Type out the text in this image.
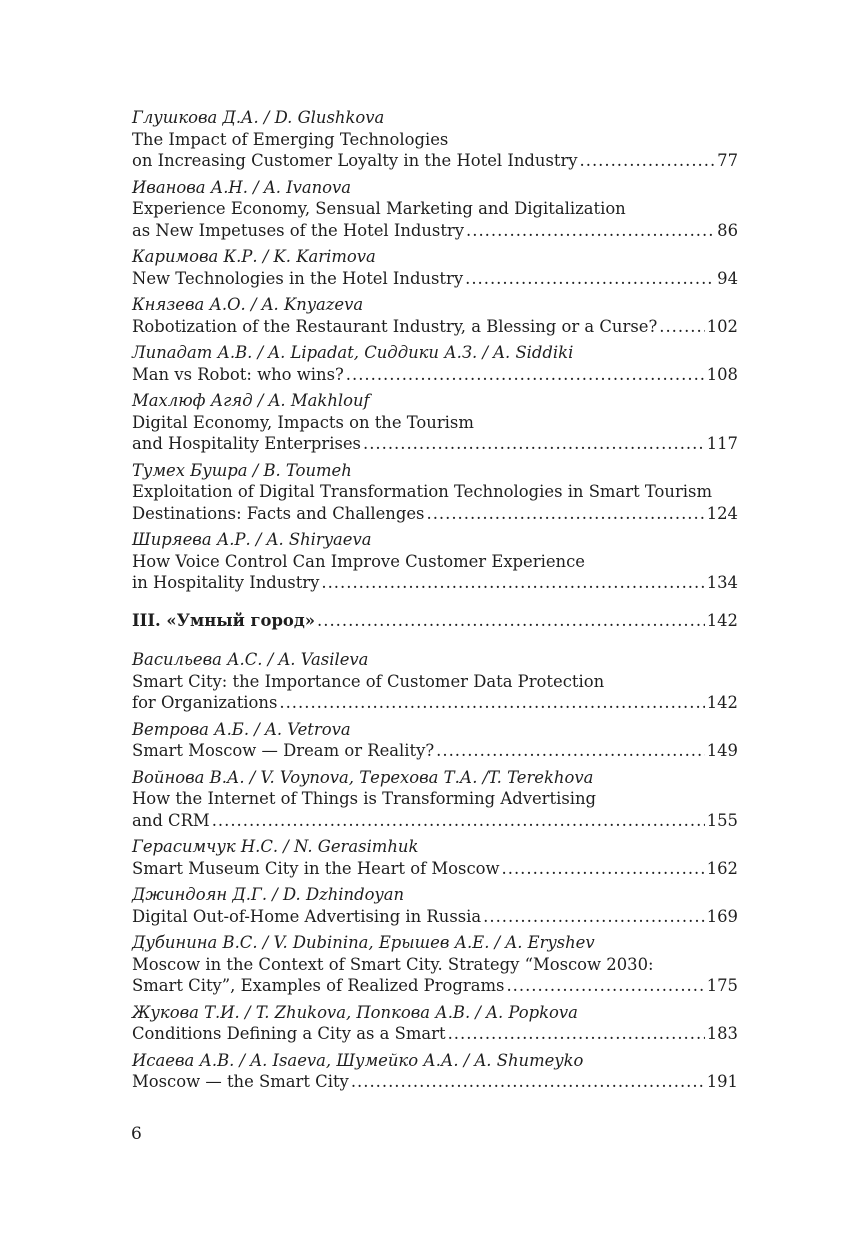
Глушкова Д.А. / D. Glushkova
The Impact of Emerging Technologies
on Increasing Customer Loyalty in the Hotel Industry .....	77
Иванова А.Н. / A. Ivanova
Experience Economy, Sensual Marketing and Digitalization
as New Impetuses of the Hotel Industry .....	86
Каримова К.Р. / K. Karimova
New Technologies in the Hotel Industry .....	94
Князева А.О. / A. Knyazeva
Robotization of the Restaurant Industry, a Blessing or a Curse? .....	102
Липадат А.В. / A. Lipadat, Сиддики А.З. / A. Siddiki
Man vs Robot: who wins? .....	108
Махлюф Агяд / A. Makhlouf
Digital Economy, Impacts on the Tourism
and Hospitality Enterprises .....	117
Тумех Бушра / B. Toumeh
Exploitation of Digital Transformation Technologies in Smart Tourism
Destinations: Facts and Challenges .....	124
Ширяева А.Р. / A. Shiryaeva
How Voice Control Can Improve Customer Experience
in Hospitality Industry .....	134
III. «Умный город» .....	142
Васильева А.С. / A. Vasileva
Smart City: the Importance of Customer Data Protection
for Organizations .....	142
Ветрова А.Б. / A. Vetrova
Smart Moscow — Dream or Reality? .....	149
Войнова В.А. / V. Voynova, Терехова Т.А. /T. Terekhova
How the Internet of Things is Transforming Advertising
and CRM .....	155
Герасимчук Н.С. / N. Gerasimhuk
Smart Museum City in the Heart of Moscow .....	162
Джиндоян Д.Г. / D. Dzhindoyan
Digital Out-of-Home Advertising in Russia .....	169
Дубинина В.С. / V. Dubinina, Ерышев А.Е. / A. Eryshev
Moscow in the Context of Smart City. Strategy “Moscow 2030:
Smart City”, Examples of Realized Programs .....	175
Жукова Т.И. / T. Zhukova, Попкова А.В. / A. Popkova
Conditions Defining a City as a Smart .....	183
Исаева А.В. / A. Isaeva, Шумейко А.А. / A. Shumeyko
Moscow — the Smart City .....	191
6
